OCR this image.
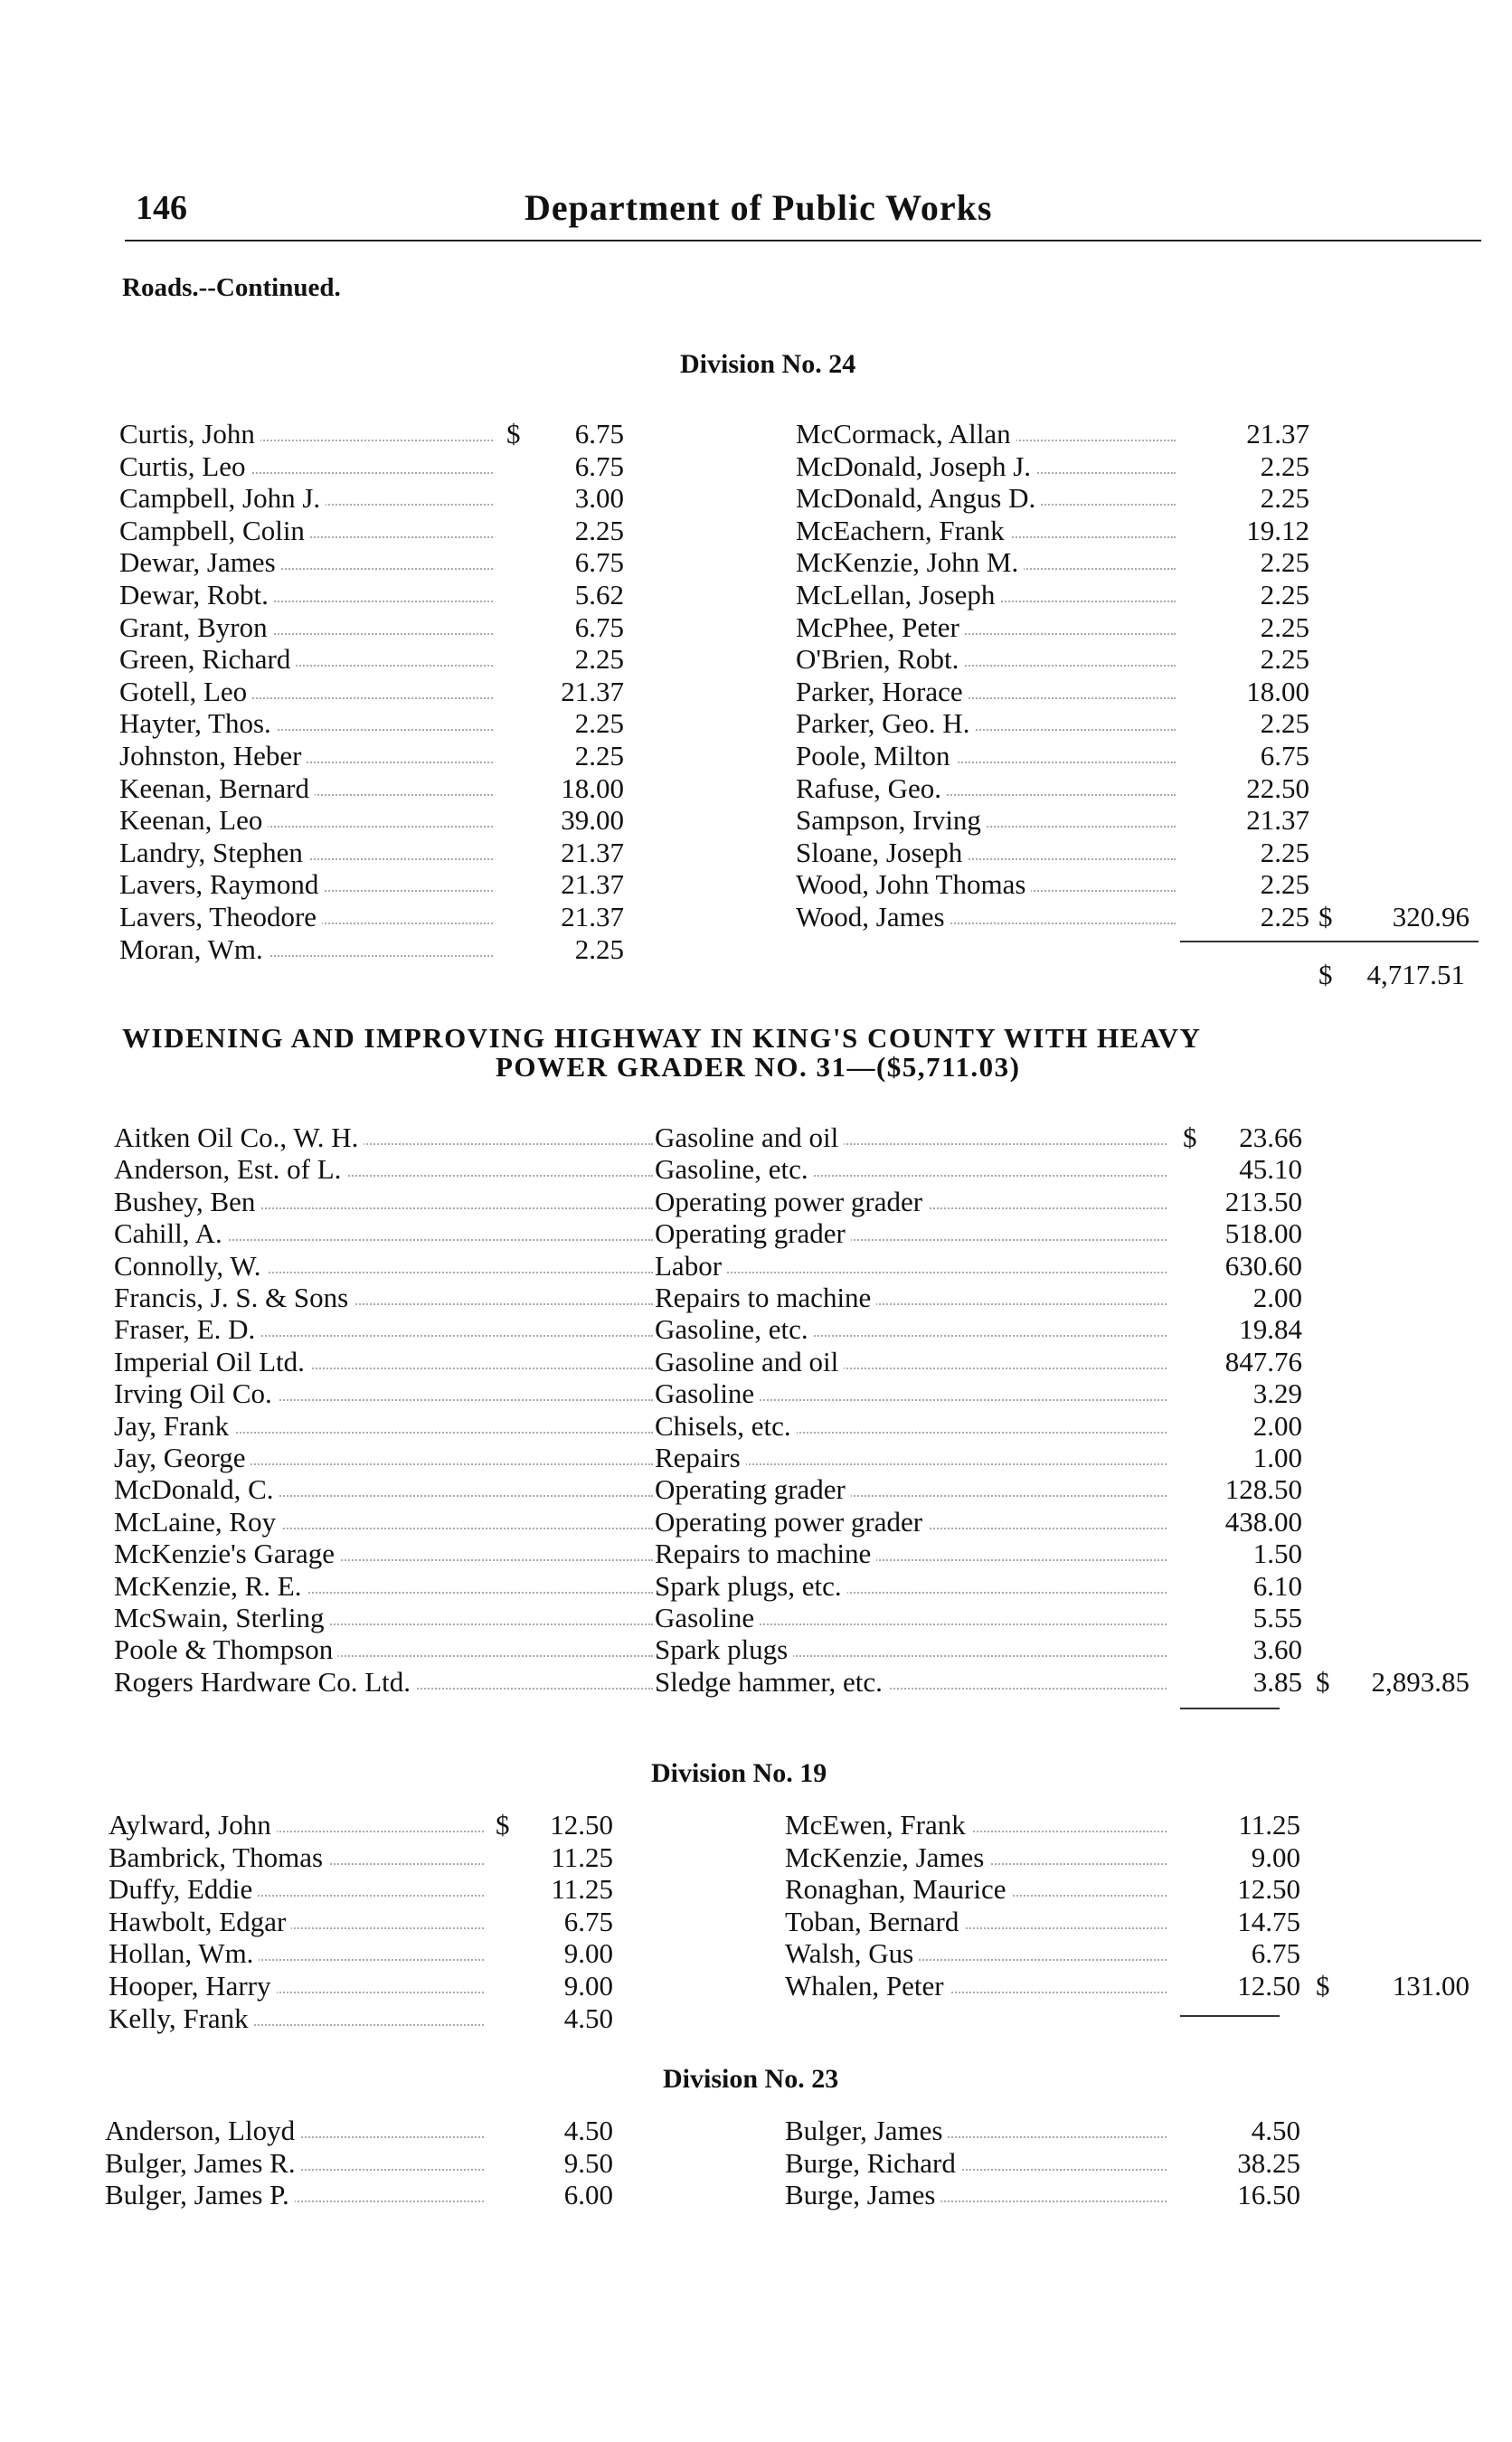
146	Department of Public Works
Roads.--Continued.
Division No. 24
Curtis, John	$	6.75
Curtis, Leo	6.75
Campbell, John J.	3.00
Campbell, Colin	2.25
Dewar, James	6.75
Dewar, Robt.	5.62
Grant, Byron	6.75
Green, Richard	2.25
Gotell, Leo	21.37
Hayter, Thos.	2.25
Johnston, Heber	2.25
Keenan, Bernard	18.00
Keenan, Leo	39.00
Landry, Stephen	21.37
Lavers, Raymond	21.37
Lavers, Theodore	21.37
Moran, Wm.	2.25
McCormack, Allan	21.37
McDonald, Joseph J.	2.25
McDonald, Angus D.	2.25
McEachern, Frank	19.12
McKenzie, John M.	2.25
McLellan, Joseph	2.25
McPhee, Peter	2.25
O'Brien, Robt.	2.25
Parker, Horace	18.00
Parker, Geo. H.	2.25
Poole, Milton	6.75
Rafuse, Geo.	22.50
Sampson, Irving	21.37
Sloane, Joseph	2.25
Wood, John Thomas	2.25
Wood, James	2.25 $	320.96
$	4,717.51
WIDENING AND IMPROVING HIGHWAY IN KING'S COUNTY WITH HEAVY
POWER GRADER NO. 31—($5,711.03)
Aitken Oil Co., W. H.	Gasoline and oil	$	23.66
Anderson, Est. of L.	Gasoline, etc.	45.10
Bushey, Ben	Operating power grader	213.50
Cahill, A.	Operating grader	518.00
Connolly, W.	Labor	630.60
Francis, J. S. & Sons	Repairs to machine	2.00
Fraser, E. D.	Gasoline, etc.	19.84
Imperial Oil Ltd.	Gasoline and oil	847.76
Irving Oil Co.	Gasoline	3.29
Jay, Frank	Chisels, etc.	2.00
Jay, George	Repairs	1.00
McDonald, C.	Operating grader	128.50
McLaine, Roy	Operating power grader	438.00
McKenzie's Garage	Repairs to machine	1.50
McKenzie, R. E.	Spark plugs, etc.	6.10
McSwain, Sterling	Gasoline	5.55
Poole & Thompson	Spark plugs	3.60
Rogers Hardware Co. Ltd.	Sledge hammer, etc.	3.85 $	2,893.85
Division No. 19
Aylward, John	$	12.50
Bambrick, Thomas	11.25
Duffy, Eddie	11.25
Hawbolt, Edgar	6.75
Hollan, Wm.	9.00
Hooper, Harry	9.00
Kelly, Frank	4.50
McEwen, Frank	11.25
McKenzie, James	9.00
Ronaghan, Maurice	12.50
Toban, Bernard	14.75
Walsh, Gus	6.75
Whalen, Peter	12.50 $	131.00
Division No. 23
Anderson, Lloyd	4.50
Bulger, James R.	9.50
Bulger, James P.	6.00
Bulger, James	4.50
Burge, Richard	38.25
Burge, James	16.50
